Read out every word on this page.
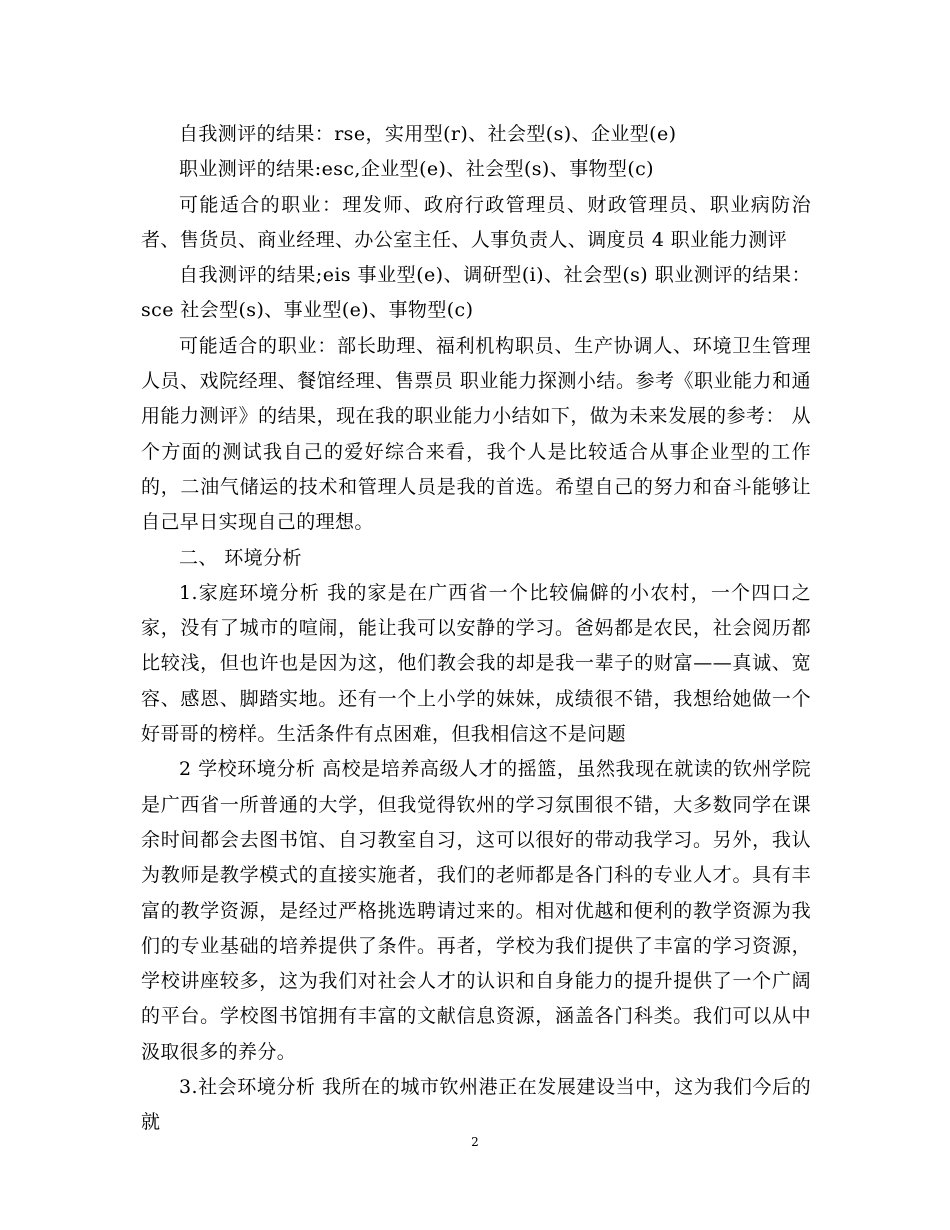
自我测评的结果：rse，实用型(r)、社会型(s)、企业型(e)

职业测评的结果:esc,企业型(e)、社会型(s)、事物型(c)

可能适合的职业：理发师、政府行政管理员、财政管理员、职业病防治者、售货员、商业经理、办公室主任、人事负责人、调度员 4 职业能力测评

自我测评的结果;eis 事业型(e)、调研型(i)、社会型(s) 职业测评的结果：sce 社会型(s)、事业型(e)、事物型(c)

可能适合的职业：部长助理、福利机构职员、生产协调人、环境卫生管理人员、戏院经理、餐馆经理、售票员 职业能力探测小结。参考《职业能力和通用能力测评》的结果，现在我的职业能力小结如下，做为未来发展的参考： 从个方面的测试我自己的爱好综合来看，我个人是比较适合从事企业型的工作的，二油气储运的技术和管理人员是我的首选。希望自己的努力和奋斗能够让自己早日实现自己的理想。

二、 环境分析

1.家庭环境分析 我的家是在广西省一个比较偏僻的小农村，一个四口之家，没有了城市的喧闹，能让我可以安静的学习。爸妈都是农民，社会阅历都比较浅，但也许也是因为这，他们教会我的却是我一辈子的财富——真诚、宽容、感恩、脚踏实地。还有一个上小学的妹妹，成绩很不错，我想给她做一个好哥哥的榜样。生活条件有点困难，但我相信这不是问题

2 学校环境分析 高校是培养高级人才的摇篮，虽然我现在就读的钦州学院是广西省一所普通的大学，但我觉得钦州的学习氛围很不错，大多数同学在课余时间都会去图书馆、自习教室自习，这可以很好的带动我学习。另外，我认为教师是教学模式的直接实施者，我们的老师都是各门科的专业人才。具有丰富的教学资源，是经过严格挑选聘请过来的。相对优越和便利的教学资源为我们的专业基础的培养提供了条件。再者，学校为我们提供了丰富的学习资源，学校讲座较多，这为我们对社会人才的认识和自身能力的提升提供了一个广阔的平台。学校图书馆拥有丰富的文献信息资源，涵盖各门科类。我们可以从中汲取很多的养分。

3.社会环境分析 我所在的城市钦州港正在发展建设当中，这为我们今后的就

2
